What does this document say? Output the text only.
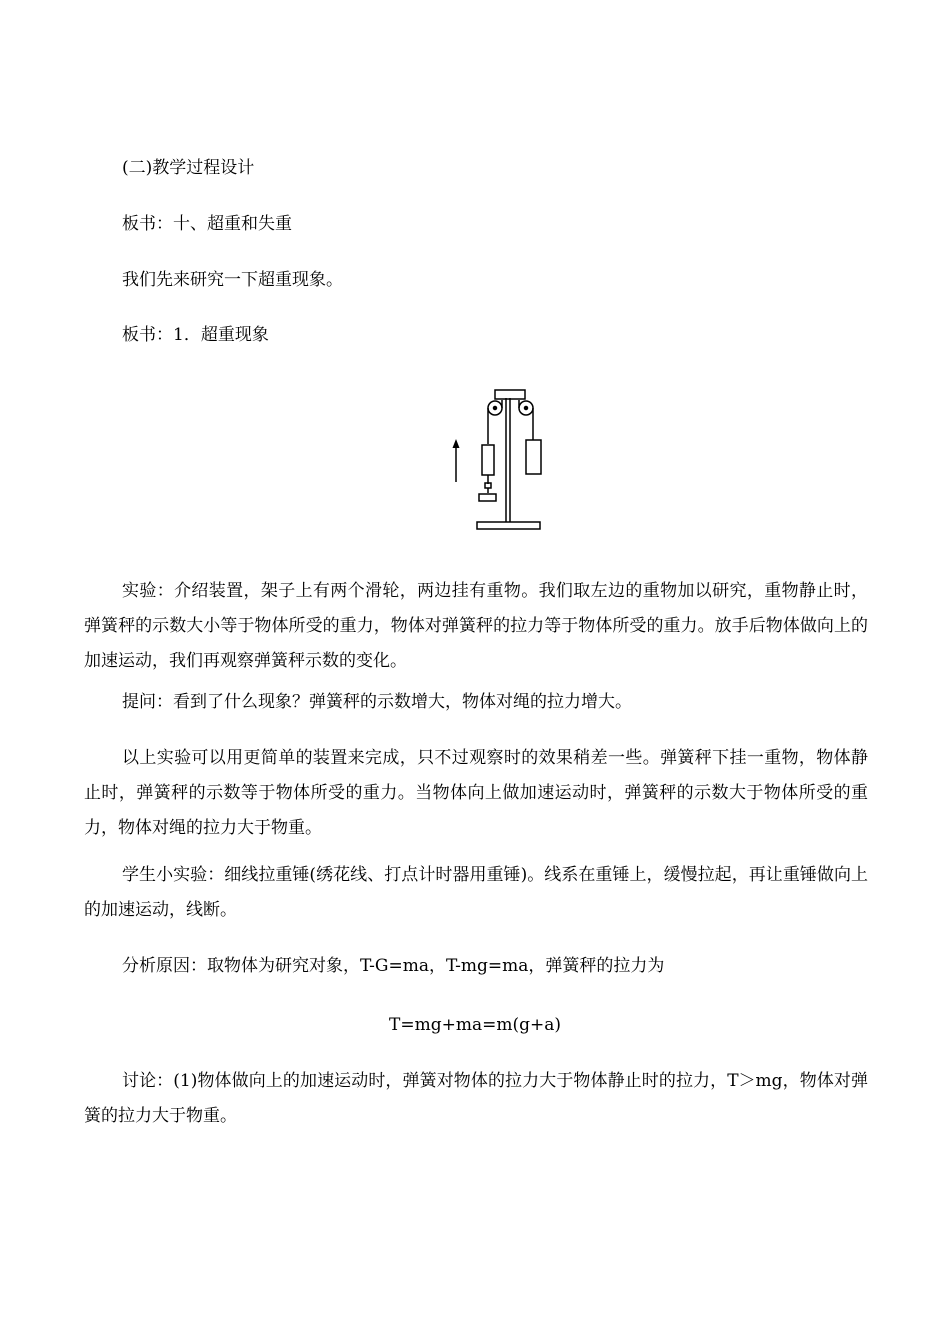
(二)教学过程设计
板书：十、超重和失重
我们先来研究一下超重现象。
板书：1．超重现象
实验：介绍装置，架子上有两个滑轮，两边挂有重物。我们取左边的重物加以研究，重物静止时，弹簧秤的示数大小等于物体所受的重力，物体对弹簧秤的拉力等于物体所受的重力。放手后物体做向上的加速运动，我们再观察弹簧秤示数的变化。
提问：看到了什么现象？弹簧秤的示数增大，物体对绳的拉力增大。
以上实验可以用更简单的装置来完成，只不过观察时的效果稍差一些。弹簧秤下挂一重物，物体静止时，弹簧秤的示数等于物体所受的重力。当物体向上做加速运动时，弹簧秤的示数大于物体所受的重力，物体对绳的拉力大于物重。
学生小实验：细线拉重锤(绣花线、打点计时器用重锤)。线系在重锤上，缓慢拉起，再让重锤做向上的加速运动，线断。
分析原因：取物体为研究对象，T-G=ma，T-mg=ma，弹簧秤的拉力为
T=mg+ma=m(g+a)
讨论：(1)物体做向上的加速运动时，弹簧对物体的拉力大于物体静止时的拉力，T＞mg，物体对弹簧的拉力大于物重。
